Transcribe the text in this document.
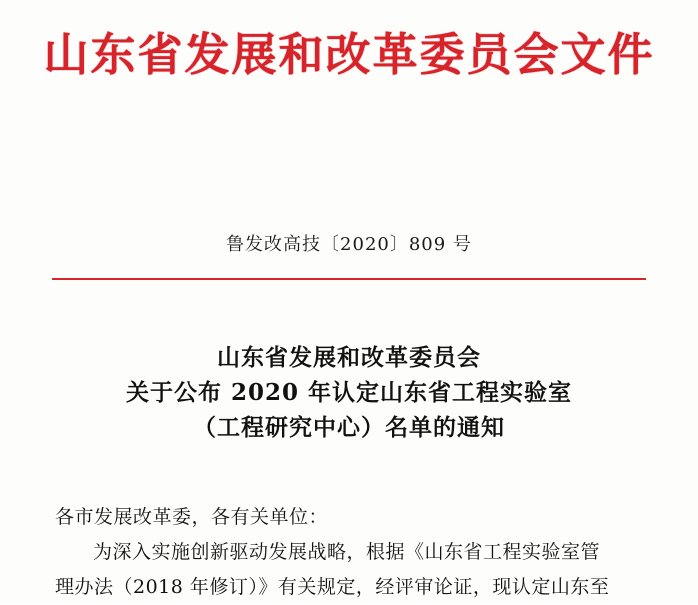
山东省发展和改革委员会文件
鲁发改高技〔2020〕809 号
山东省发展和改革委员会
关于公布 2020 年认定山东省工程实验室
（工程研究中心）名单的通知
各市发展改革委，各有关单位：
为深入实施创新驱动发展战略，根据《山东省工程实验室管
理办法（2018 年修订）》有关规定，经评审论证，现认定山东至
